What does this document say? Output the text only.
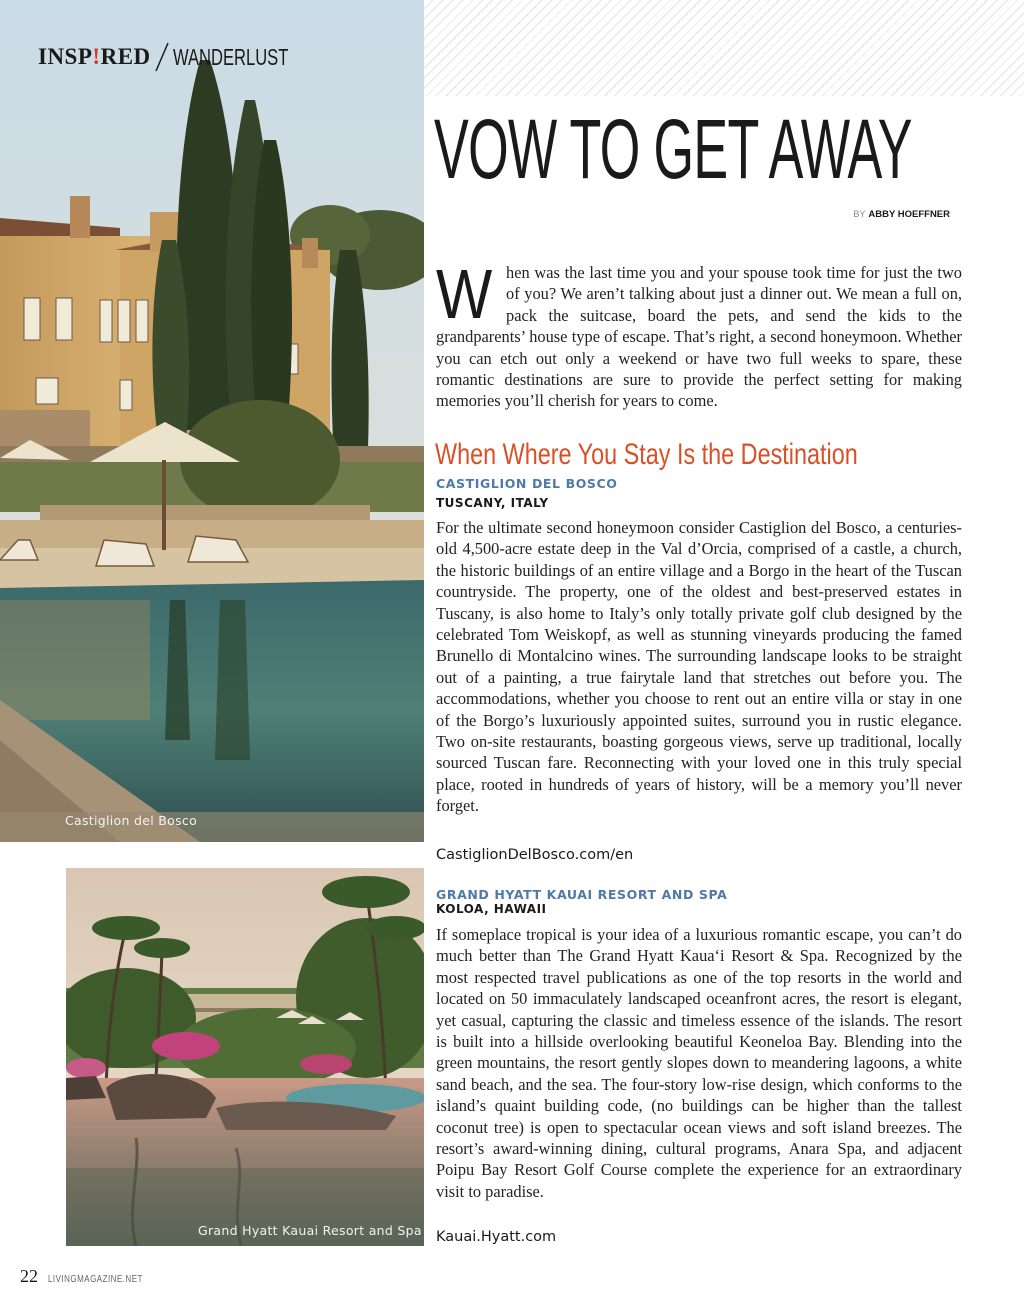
INSP!RED WANDERLUST
Castiglion del Bosco
VOW TO GET AWAY
BY ABBY HOEFFNER
W hen was the last time you and your spouse took time for just the two of you? We aren’t talking about just a dinner out. We mean a full on, pack the suitcase, board the pets, and send the kids to the grandparents’ house type of escape. That’s right, a second honeymoon. Whether you can etch out only a weekend or have two full weeks to spare, these romantic destinations are sure to provide the perfect setting for making memories you’ll cherish for years to come.

When Where You Stay Is the Destination
CASTIGLION DEL BOSCO
TUSCANY, ITALY

For the ultimate second honeymoon consider Castiglion del Bosco, a centuries-old 4,500-acre estate deep in the Val d’Orcia, comprised of a castle, a church, the historic buildings of an entire village and a Borgo in the heart of the Tuscan countryside. The property, one of the oldest and best-preserved estates in Tuscany, is also home to Italy’s only totally private golf club designed by the celebrated Tom Weiskopf, as well as stunning vineyards producing the famed Brunello di Montalcino wines. The surrounding landscape looks to be straight out of a painting, a true fairytale land that stretches out before you. The accommodations, whether you choose to rent out an entire villa or stay in one of the Borgo’s luxuriously appointed suites, surround you in rustic elegance. Two on-site restaurants, boasting gorgeous views, serve up traditional, locally sourced Tuscan fare. Reconnecting with your loved one in this truly special place, rooted in hundreds of years of history, will be a memory you’ll never forget.

CastiglionDelBosco.com/en
Grand Hyatt Kauai Resort and Spa
GRAND HYATT KAUAI RESORT AND SPA
KOLOA, HAWAII

If someplace tropical is your idea of a luxurious romantic escape, you can’t do much better than The Grand Hyatt Kaua‘i Resort & Spa. Recognized by the most respected travel publications as one of the top resorts in the world and located on 50 immaculately landscaped oceanfront acres, the resort is elegant, yet casual, capturing the classic and timeless essence of the islands. The resort is built into a hillside overlooking beautiful Keoneloa Bay. Blending into the green mountains, the resort gently slopes down to meandering lagoons, a white sand beach, and the sea. The four-story low-rise design, which conforms to the island’s quaint building code, (no buildings can be higher than the tallest coconut tree) is open to spectacular ocean views and soft island breezes. The resort’s award-winning dining, cultural programs, Anara Spa, and adjacent Poipu Bay Resort Golf Course complete the experience for an extraordinary visit to paradise.

Kauai.Hyatt.com
22 LIVINGMAGAZINE.NET
